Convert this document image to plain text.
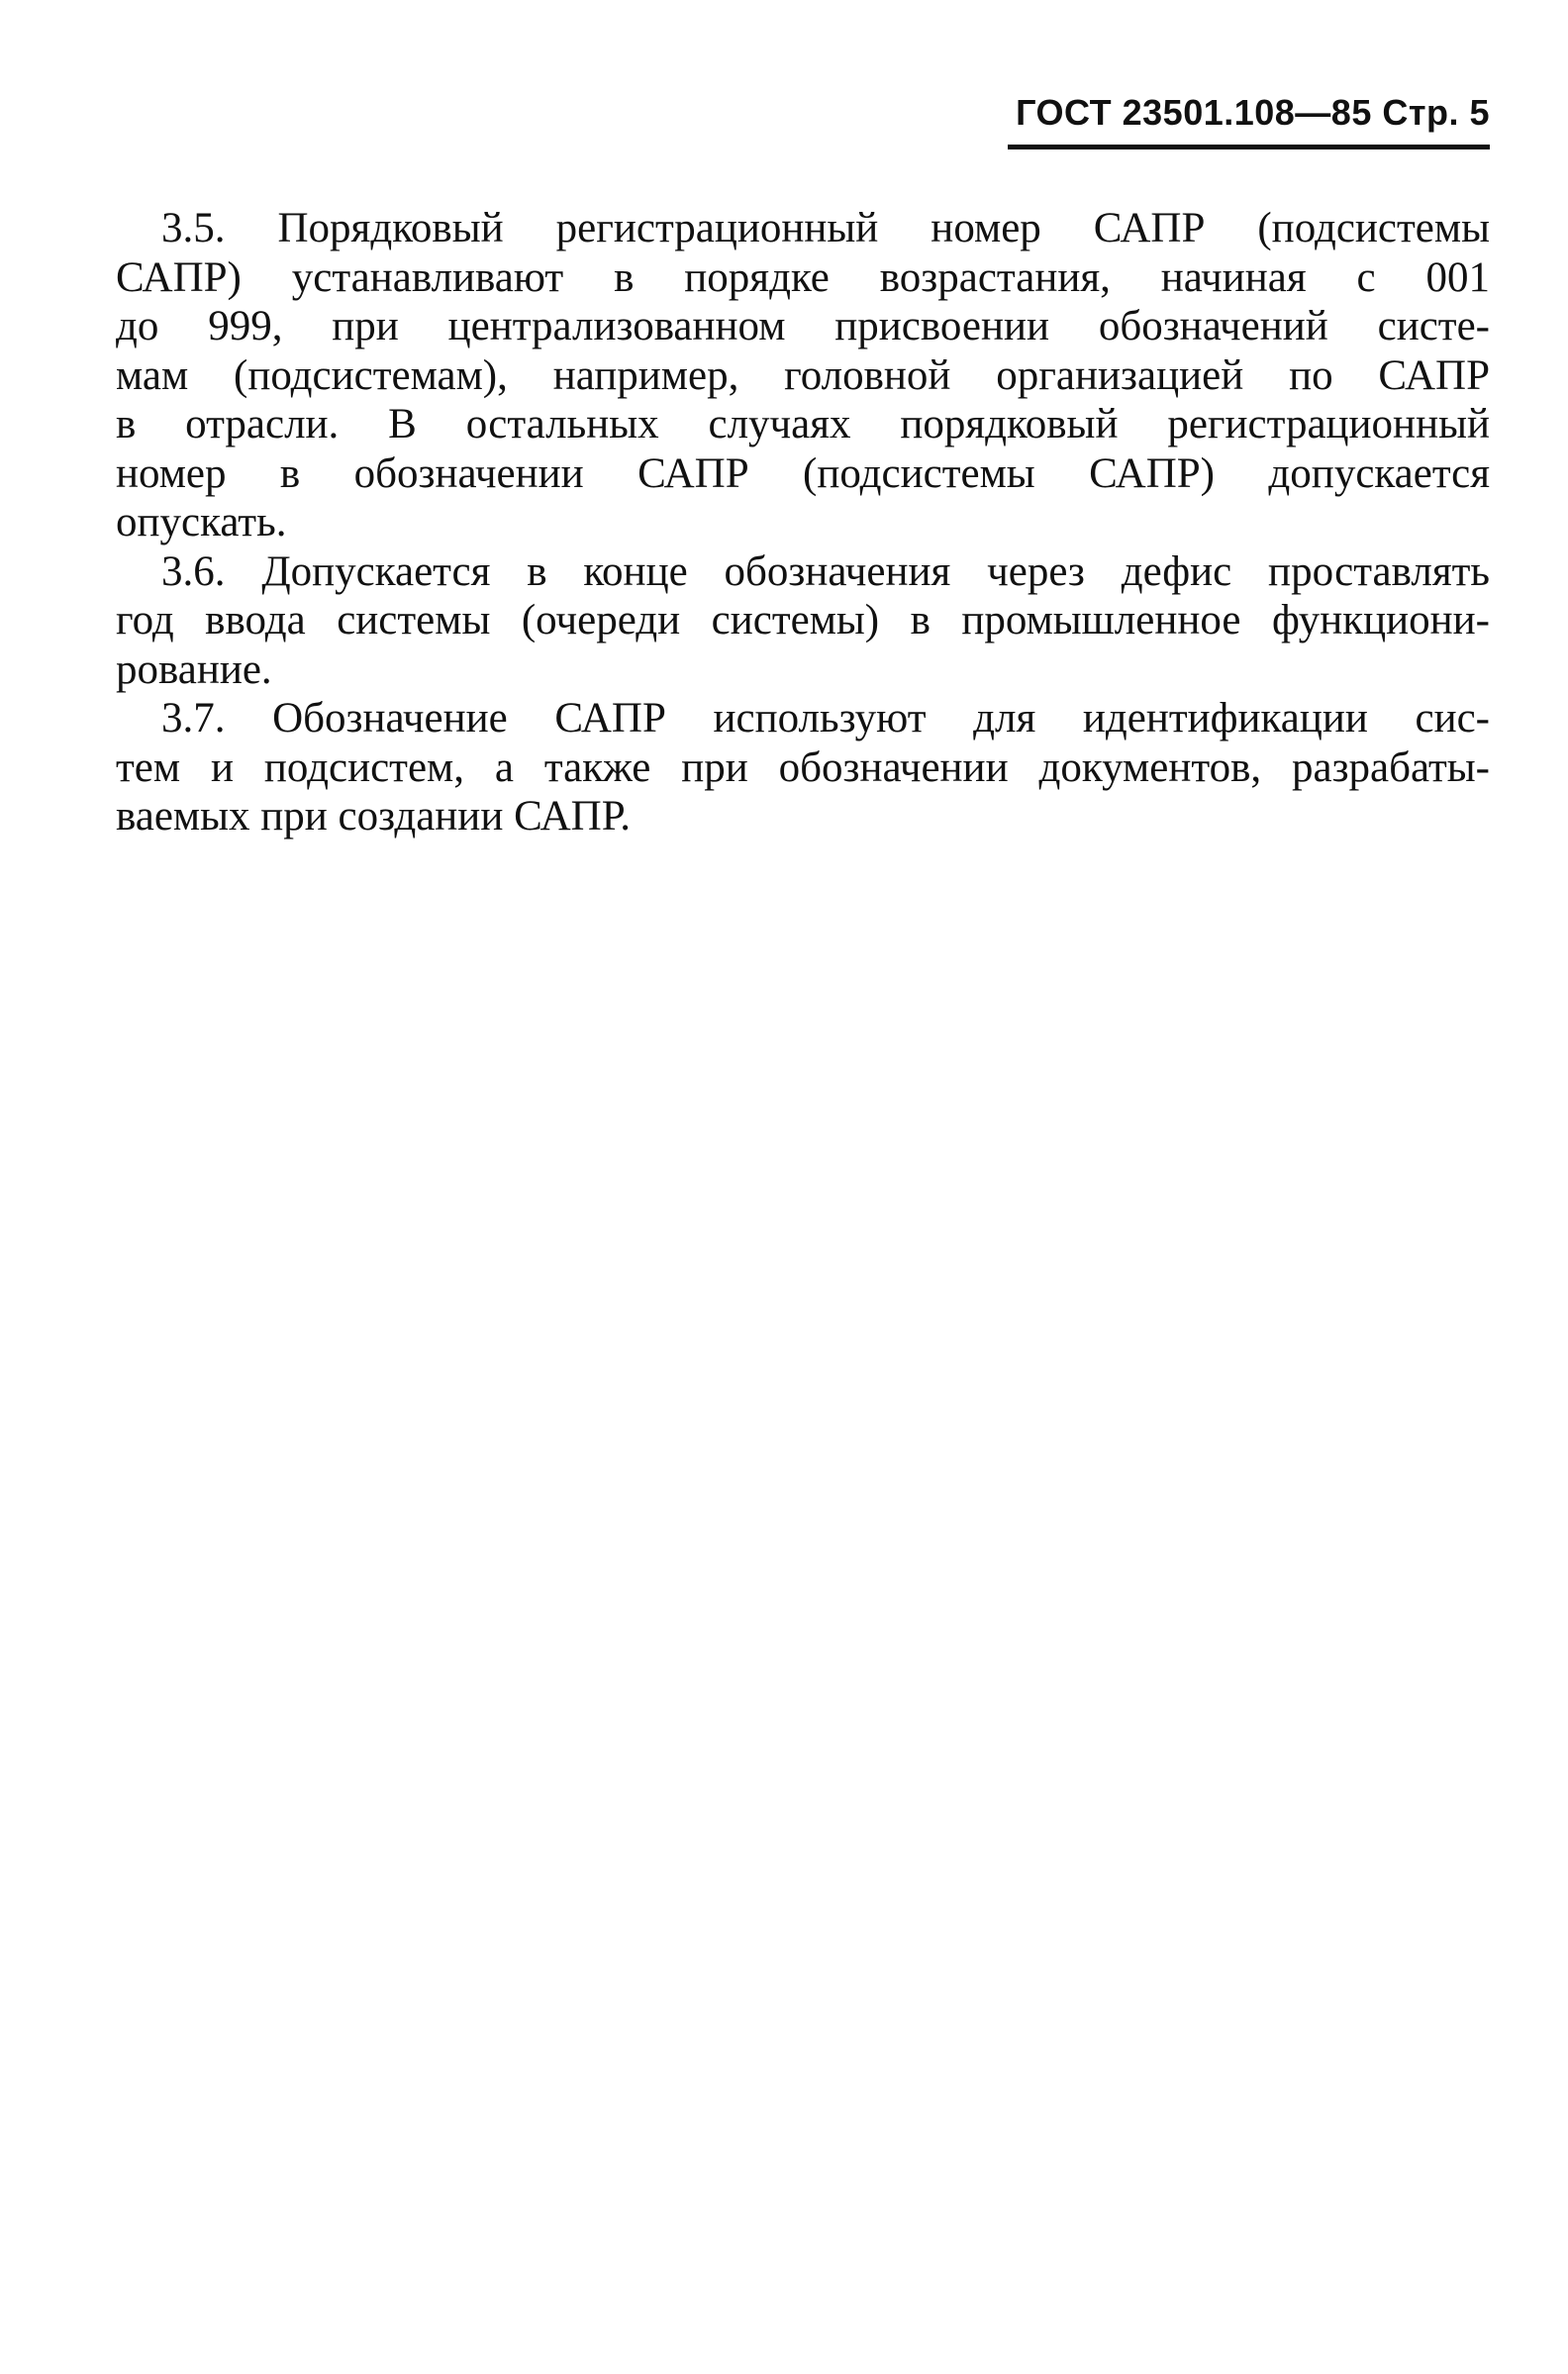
ГОСТ 23501.108—85 Стр. 5
3.5. Порядковый регистрационный номер САПР (подсистемы
САПР) устанавливают в порядке возрастания, начиная с 001
до 999, при централизованном присвоении обозначений систе-
мам (подсистемам), например, головной организацией по САПР
в отрасли. В остальных случаях порядковый регистрационный
номер в обозначении САПР (подсистемы САПР) допускается
опускать.
3.6. Допускается в конце обозначения через дефис проставлять
год ввода системы (очереди системы) в промышленное функциони-
рование.
3.7. Обозначение САПР используют для идентификации сис-
тем и подсистем, а также при обозначении документов, разрабаты-
ваемых при создании САПР.
